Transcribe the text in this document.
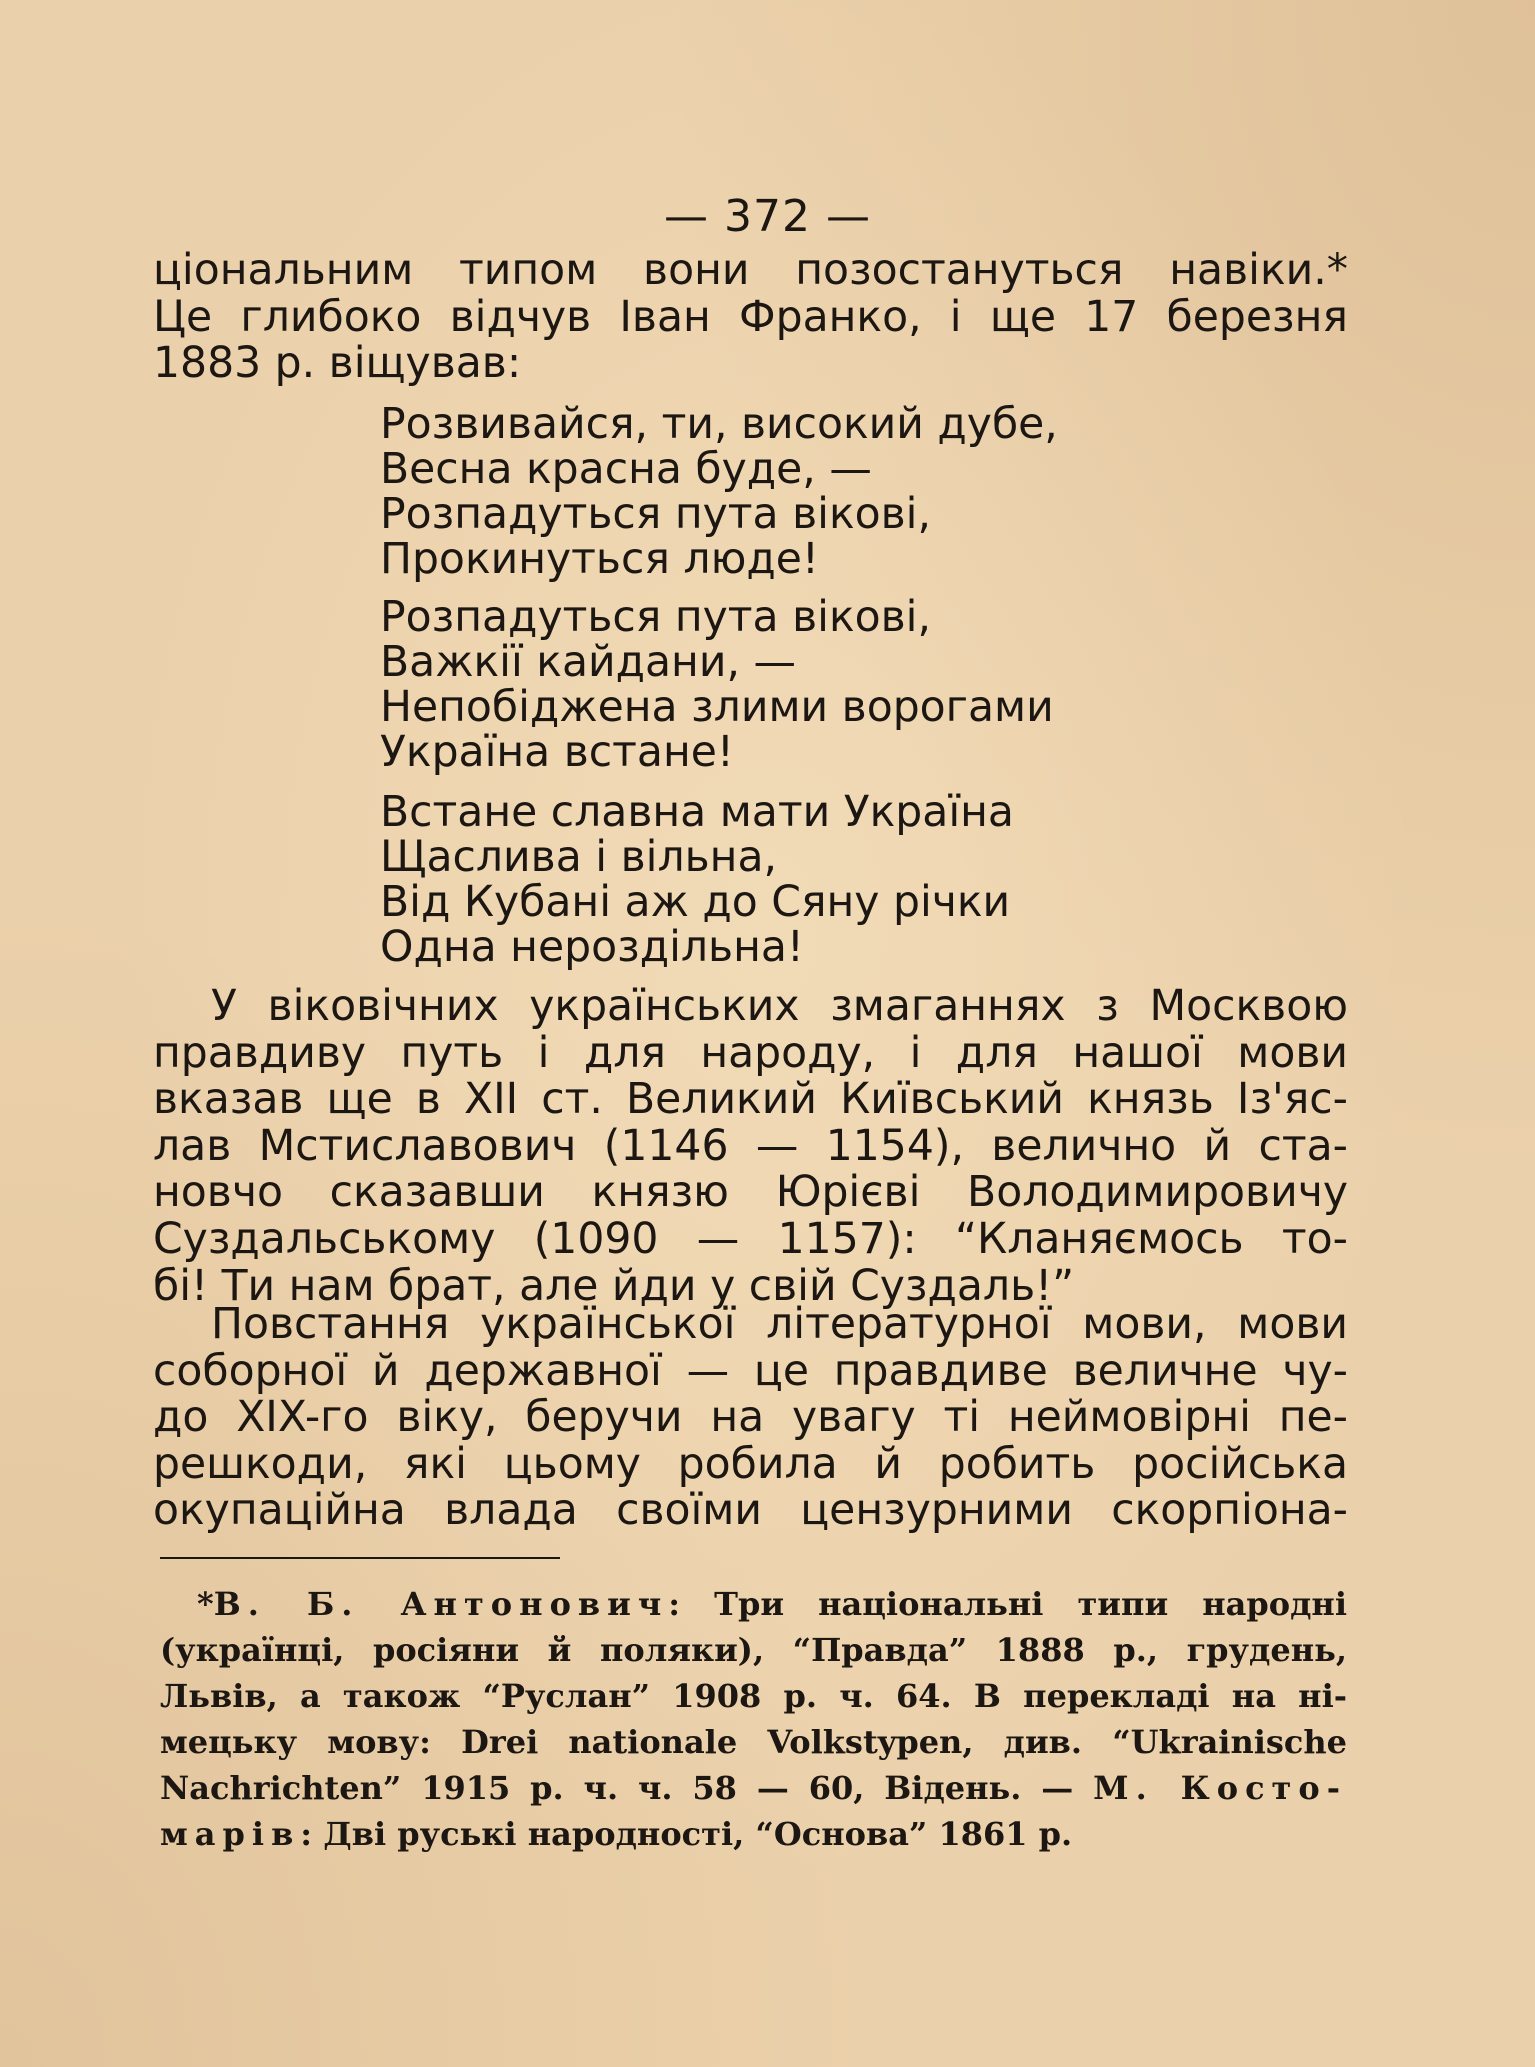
— 372 —
ціональним типом вони позостануться навіки.*
Це глибоко відчув Іван Франко, і ще 17 березня
1883 р. віщував:
Розвивайся, ти, високий дубе,
Весна красна буде, —
Розпадуться пута вікові,
Прокинуться люде!
Розпадуться пута вікові,
Важкії кайдани, —
Непобіджена злими ворогами
Україна встане!
Встане славна мати Україна
Щаслива і вільна,
Від Кубані аж до Сяну річки
Одна нероздільна!
У віковічних українських змаганнях з Москвою
правдиву путь і для народу, і для нашої мови
вказав ще в XII ст. Великий Київський князь Із'яс-
лав Мстиславович (1146 — 1154), велично й ста-
новчо сказавши князю Юрієві Володимировичу
Суздальському (1090 — 1157): “Кланяємось то-
бі! Ти нам брат, але йди у свій Суздаль!”
Повстання української літературної мови, мови
соборної й державної — це правдиве величне чу-
до XIX-го віку, беручи на увагу ті неймовірні пе-
решкоди, які цьому робила й робить російська
окупаційна влада своїми цензурними скорпіона-
*В. Б. Антонович: Три національні типи народні
(українці, росіяни й поляки), “Правда” 1888 р., грудень,
Львів, а також “Руслан” 1908 р. ч. 64. В перекладі на ні-
мецьку мову: Drei nationale Volkstypen, див. “Ukrainische
Nachrichten” 1915 р. ч. ч. 58 — 60, Відень. — М. Косто-
марів: Дві руські народності, “Основа” 1861 р.
